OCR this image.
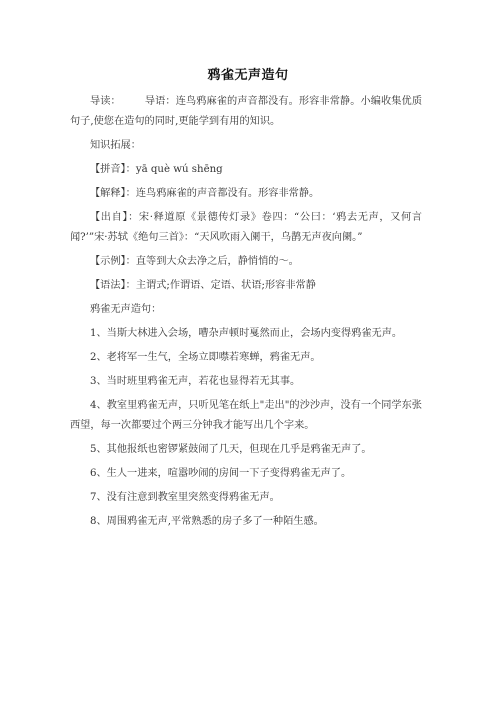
鸦雀无声造句

导读： 导语：连鸟鸦麻雀的声音都没有。形容非常静。小编收集优质句子,使您在造句的同时,更能学到有用的知识。

知识拓展：

【拼音】：yā què wú shēng

【解释】：连鸟鸦麻雀的声音都没有。形容非常静。

【出自】：宋·释道原《景德传灯录》卷四：“公曰：‘鸦去无声，又何言闻?’”宋·苏轼《绝句三首》：“天风吹雨入阑干，乌鹊无声夜向阑。”

【示例】：直等到大众去净之后，静悄悄的～。

【语法】：主谓式;作谓语、定语、状语;形容非常静

鸦雀无声造句：

1、当斯大林进入会场，嘈杂声顿时戛然而止，会场内变得鸦雀无声。

2、老将军一生气，全场立即噤若寒蝉，鸦雀无声。

3、当时班里鸦雀无声，若花也显得若无其事。

4、教室里鸦雀无声，只听见笔在纸上"走出"的沙沙声，没有一个同学东张西望，每一次都要过个两三分钟我才能写出几个字来。

5、其他报纸也密锣紧鼓闹了几天，但现在几乎是鸦雀无声了。

6、生人一进来，喧嚣吵闹的房间一下子变得鸦雀无声了。

7、没有注意到教室里突然变得鸦雀无声。

8、周围鸦雀无声,平常熟悉的房子多了一种陌生感。
